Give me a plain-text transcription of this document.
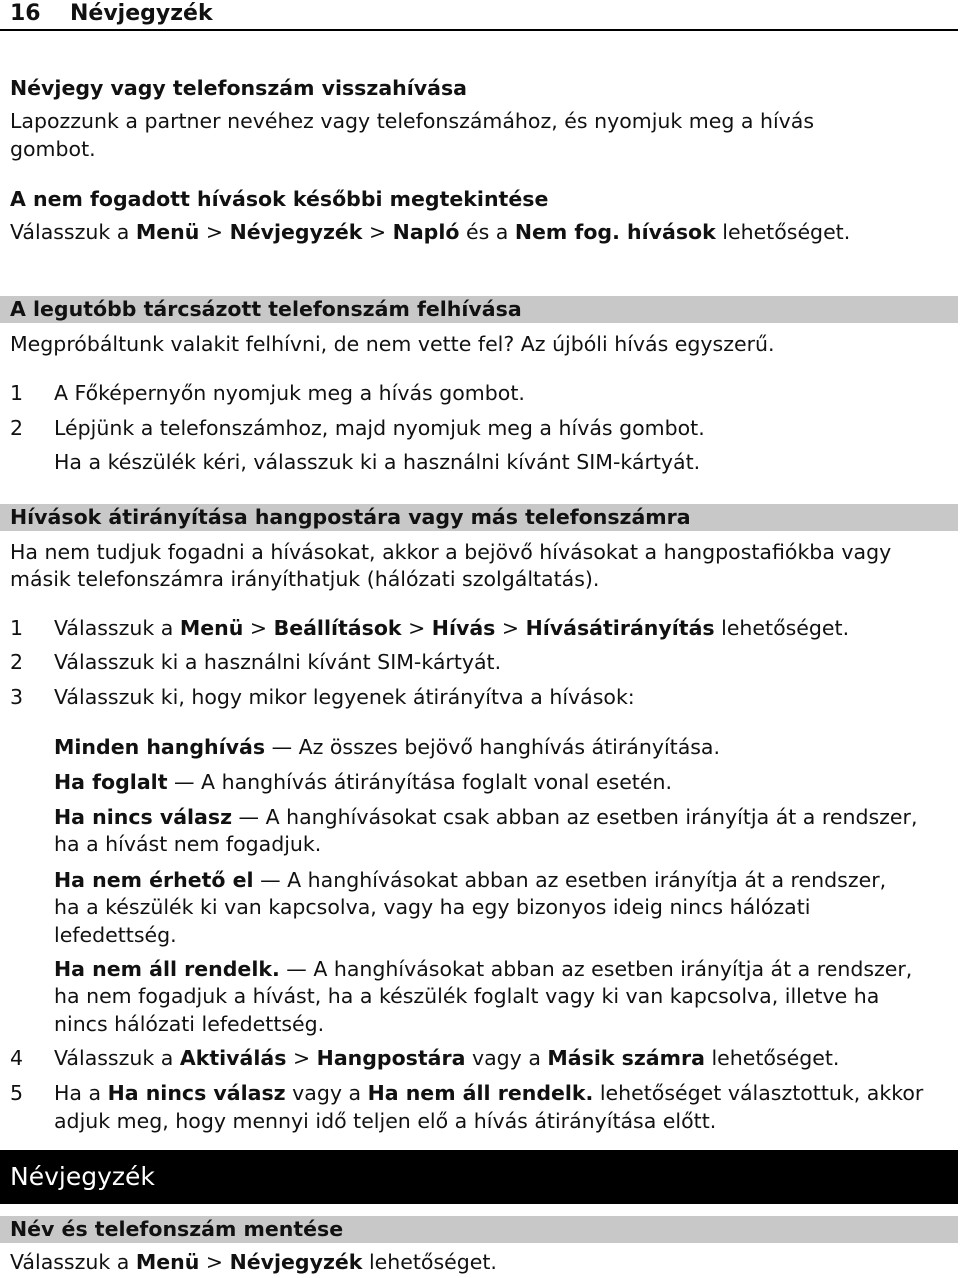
16 Névjegyzék
Névjegy vagy telefonszám visszahívása
Lapozzunk a partner nevéhez vagy telefonszámához, és nyomjuk meg a hívás
gombot.
A nem fogadott hívások későbbi megtekintése
Válasszuk a Menü > Névjegyzék > Napló és a Nem fog. hívások lehetőséget.
A legutóbb tárcsázott telefonszám felhívása
Megpróbáltunk valakit felhívni, de nem vette fel? Az újbóli hívás egyszerű.
1 A Főképernyőn nyomjuk meg a hívás gombot.
2 Lépjünk a telefonszámhoz, majd nyomjuk meg a hívás gombot.
Ha a készülék kéri, válasszuk ki a használni kívánt SIM-kártyát.
Hívások átirányítása hangpostára vagy más telefonszámra
Ha nem tudjuk fogadni a hívásokat, akkor a bejövő hívásokat a hangpostafiókba vagy
másik telefonszámra irányíthatjuk (hálózati szolgáltatás).
1 Válasszuk a Menü > Beállítások > Hívás > Hívásátirányítás lehetőséget.
2 Válasszuk ki a használni kívánt SIM-kártyát.
3 Válasszuk ki, hogy mikor legyenek átirányítva a hívások:
Minden hanghívás — Az összes bejövő hanghívás átirányítása.
Ha foglalt — A hanghívás átirányítása foglalt vonal esetén.
Ha nincs válasz — A hanghívásokat csak abban az esetben irányítja át a rendszer,
ha a hívást nem fogadjuk.
Ha nem érhető el — A hanghívásokat abban az esetben irányítja át a rendszer,
ha a készülék ki van kapcsolva, vagy ha egy bizonyos ideig nincs hálózati
lefedettség.
Ha nem áll rendelk. — A hanghívásokat abban az esetben irányítja át a rendszer,
ha nem fogadjuk a hívást, ha a készülék foglalt vagy ki van kapcsolva, illetve ha
nincs hálózati lefedettség.
4 Válasszuk a Aktiválás > Hangpostára vagy a Másik számra lehetőséget.
5 Ha a Ha nincs válasz vagy a Ha nem áll rendelk. lehetőséget választottuk, akkor
adjuk meg, hogy mennyi idő teljen elő a hívás átirányítása előtt.
Névjegyzék
Név és telefonszám mentése
Válasszuk a Menü > Névjegyzék lehetőséget.
